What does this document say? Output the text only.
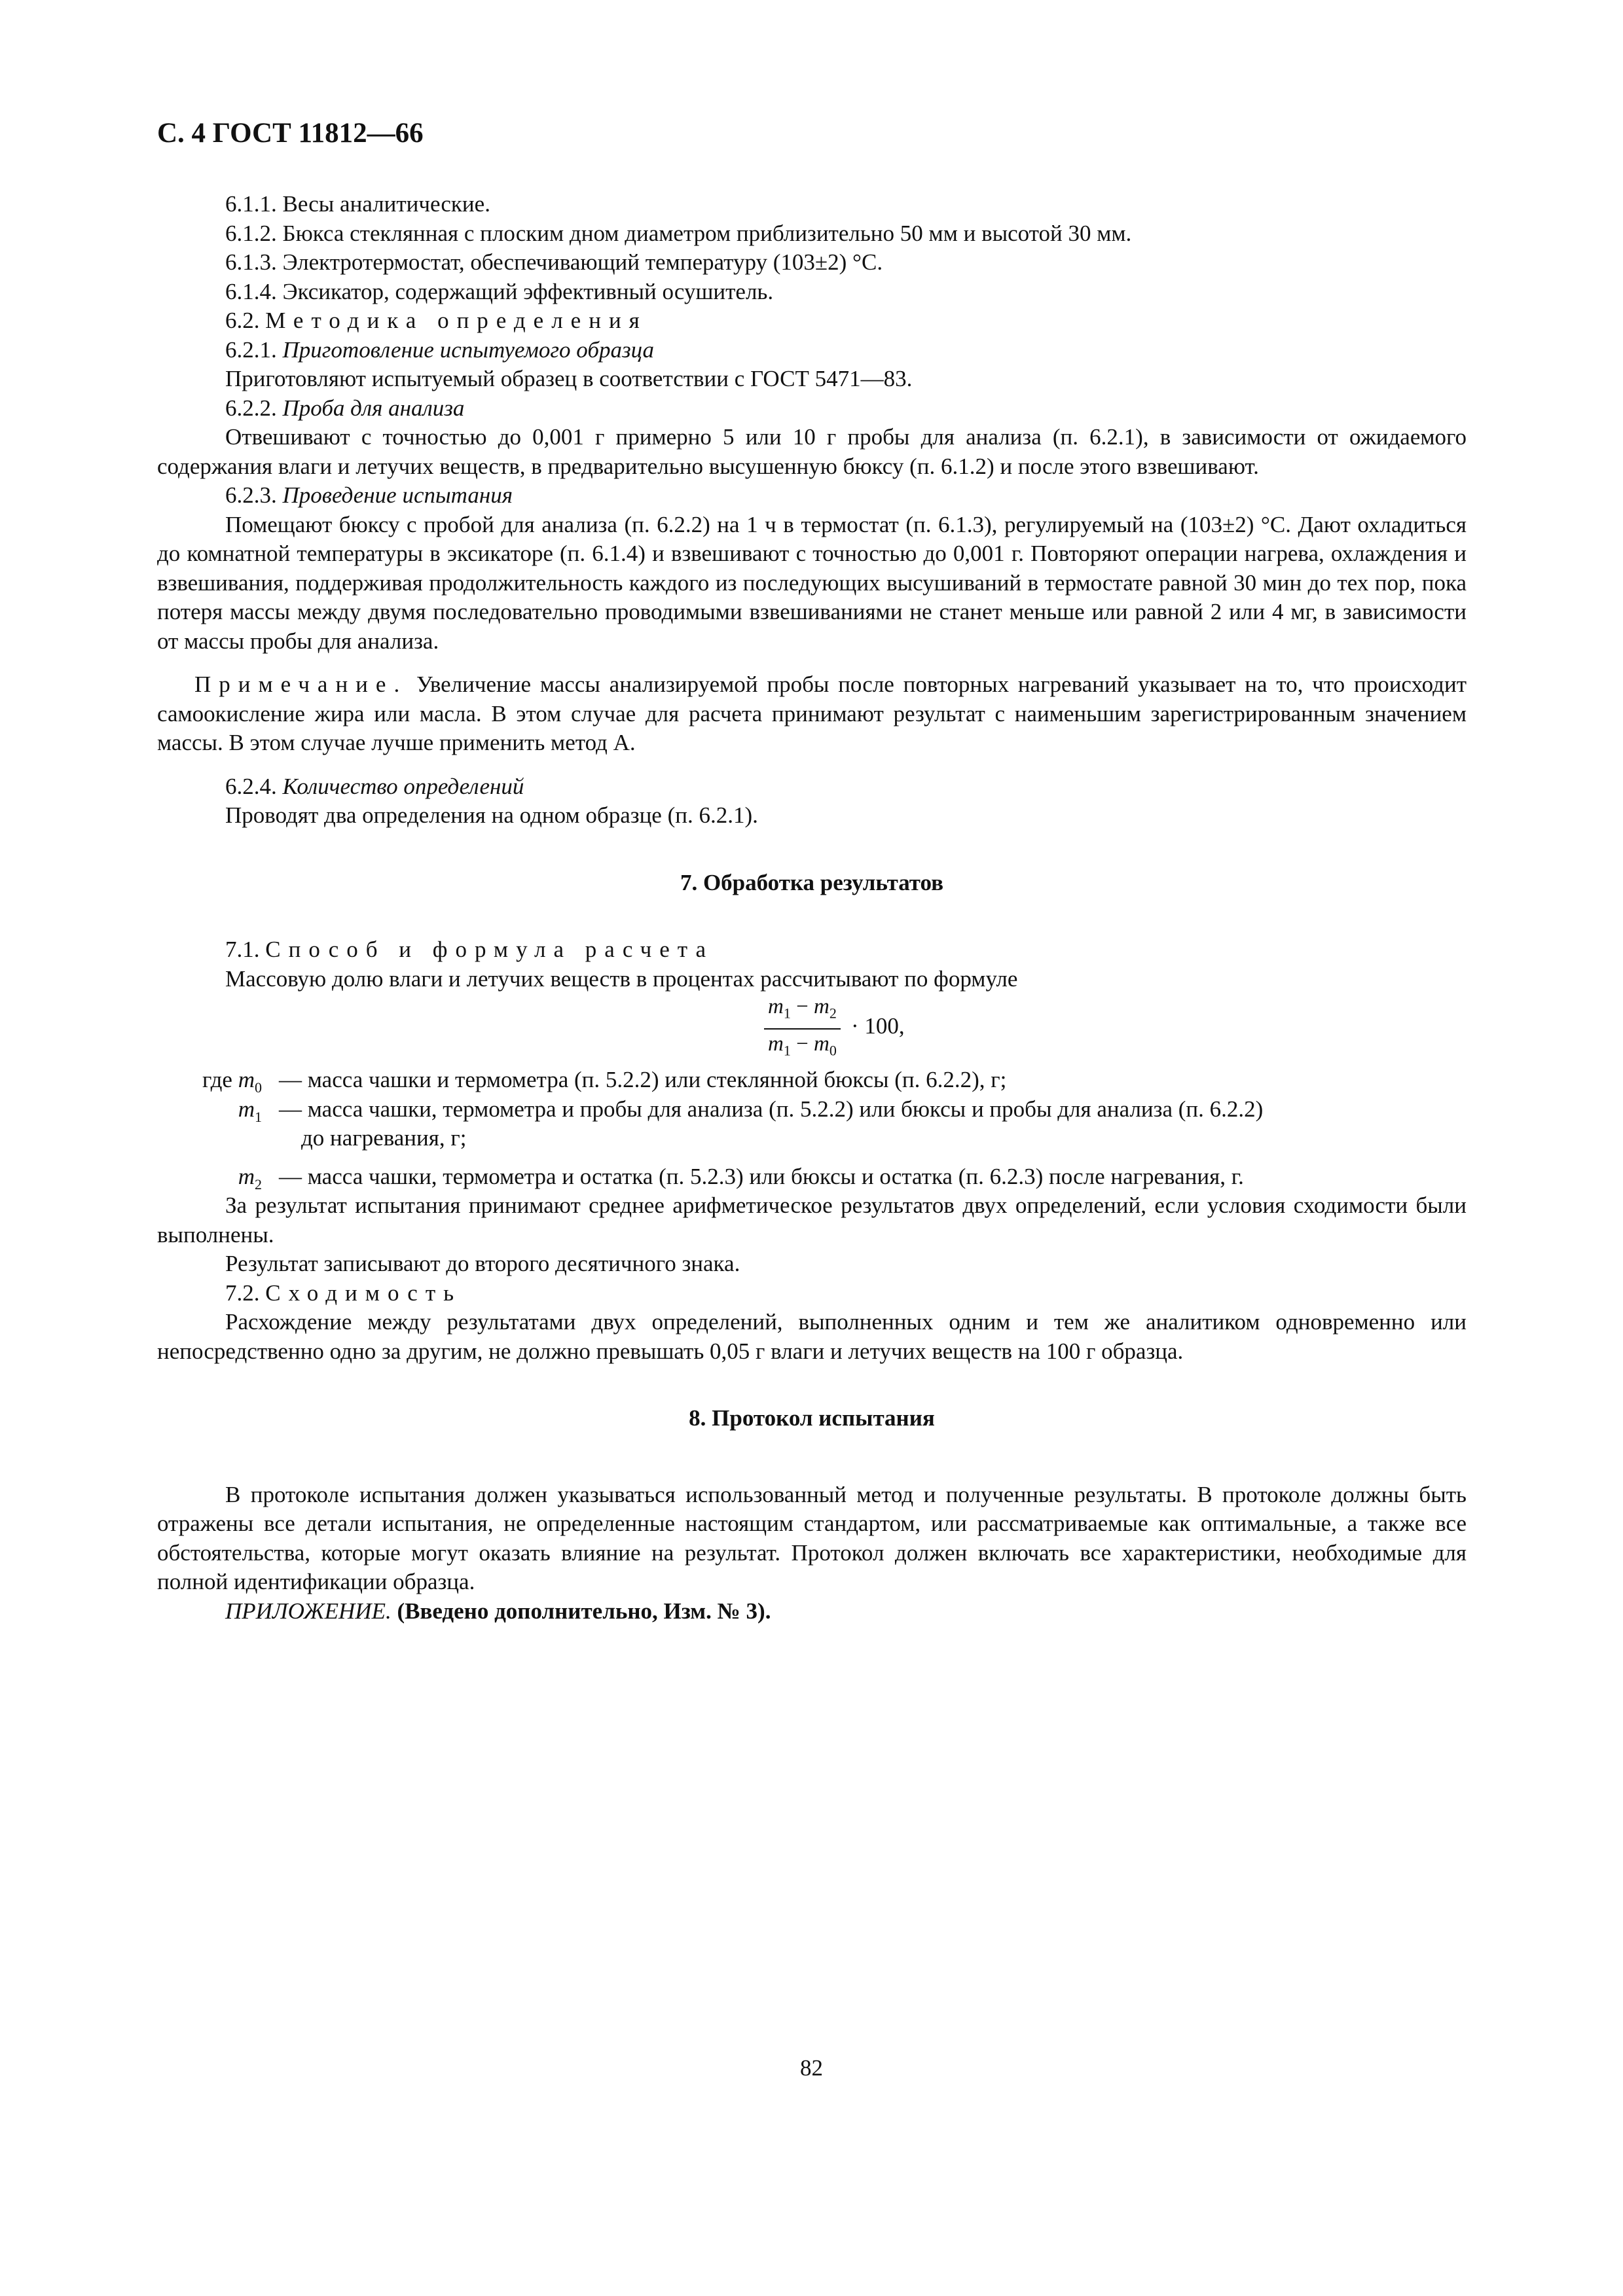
С. 4 ГОСТ 11812—66

6.1.1. Весы аналитические.

6.1.2. Бюкса стеклянная с плоским дном диаметром приблизительно 50 мм и высотой 30 мм.

6.1.3. Электротермостат, обеспечивающий температуру (103±2) °С.

6.1.4. Эксикатор, содержащий эффективный осушитель.

6.2. Методика определения

6.2.1. Приготовление испытуемого образца

Приготовляют испытуемый образец в соответствии с ГОСТ 5471—83.

6.2.2. Проба для анализа

Отвешивают с точностью до 0,001 г примерно 5 или 10 г пробы для анализа (п. 6.2.1), в зависимости от ожидаемого содержания влаги и летучих веществ, в предварительно высушенную бюксу (п. 6.1.2) и после этого взвешивают.

6.2.3. Проведение испытания

Помещают бюксу с пробой для анализа (п. 6.2.2) на 1 ч в термостат (п. 6.1.3), регулируемый на (103±2) °С. Дают охладиться до комнатной температуры в эксикаторе (п. 6.1.4) и взвешивают с точностью до 0,001 г. Повторяют операции нагрева, охлаждения и взвешивания, поддерживая продолжительность каждого из последующих высушиваний в термостате равной 30 мин до тех пор, пока потеря массы между двумя последовательно проводимыми взвешиваниями не станет меньше или равной 2 или 4 мг, в зависимости от массы пробы для анализа.

Примечание. Увеличение массы анализируемой пробы после повторных нагреваний указывает на то, что происходит самоокисление жира или масла. В этом случае для расчета принимают результат с наименьшим зарегистрированным значением массы. В этом случае лучше применить метод А.

6.2.4. Количество определений

Проводят два определения на одном образце (п. 6.2.1).

7. Обработка результатов

7.1. Способ и формула расчета

Массовую долю влаги и летучих веществ в процентах рассчитывают по формуле

$\frac{m_1 - m_2}{m_1 - m_0} \cdot 100$,
где $m_0$ — масса чашки и термометра (п. 5.2.2) или стеклянной бюксы (п. 6.2.2), г;
$m_1$ — масса чашки, термометра и пробы для анализа (п. 5.2.2) или бюксы и пробы для анализа (п. 6.2.2)
до нагревания, г;
$m_2$ — масса чашки, термометра и остатка (п. 5.2.3) или бюксы и остатка (п. 6.2.3) после нагревания, г.

За результат испытания принимают среднее арифметическое результатов двух определений, если условия сходимости были выполнены.

Результат записывают до второго десятичного знака.

7.2. Сходимость

Расхождение между результатами двух определений, выполненных одним и тем же аналитиком одновременно или непосредственно одно за другим, не должно превышать 0,05 г влаги и летучих веществ на 100 г образца.

8. Протокол испытания

В протоколе испытания должен указываться использованный метод и полученные результаты. В протоколе должны быть отражены все детали испытания, не определенные настоящим стандартом, или рассматриваемые как оптимальные, а также все обстоятельства, которые могут оказать влияние на результат. Протокол должен включать все характеристики, необходимые для полной идентификации образца.

ПРИЛОЖЕНИЕ. (Введено дополнительно, Изм. № 3).

82
